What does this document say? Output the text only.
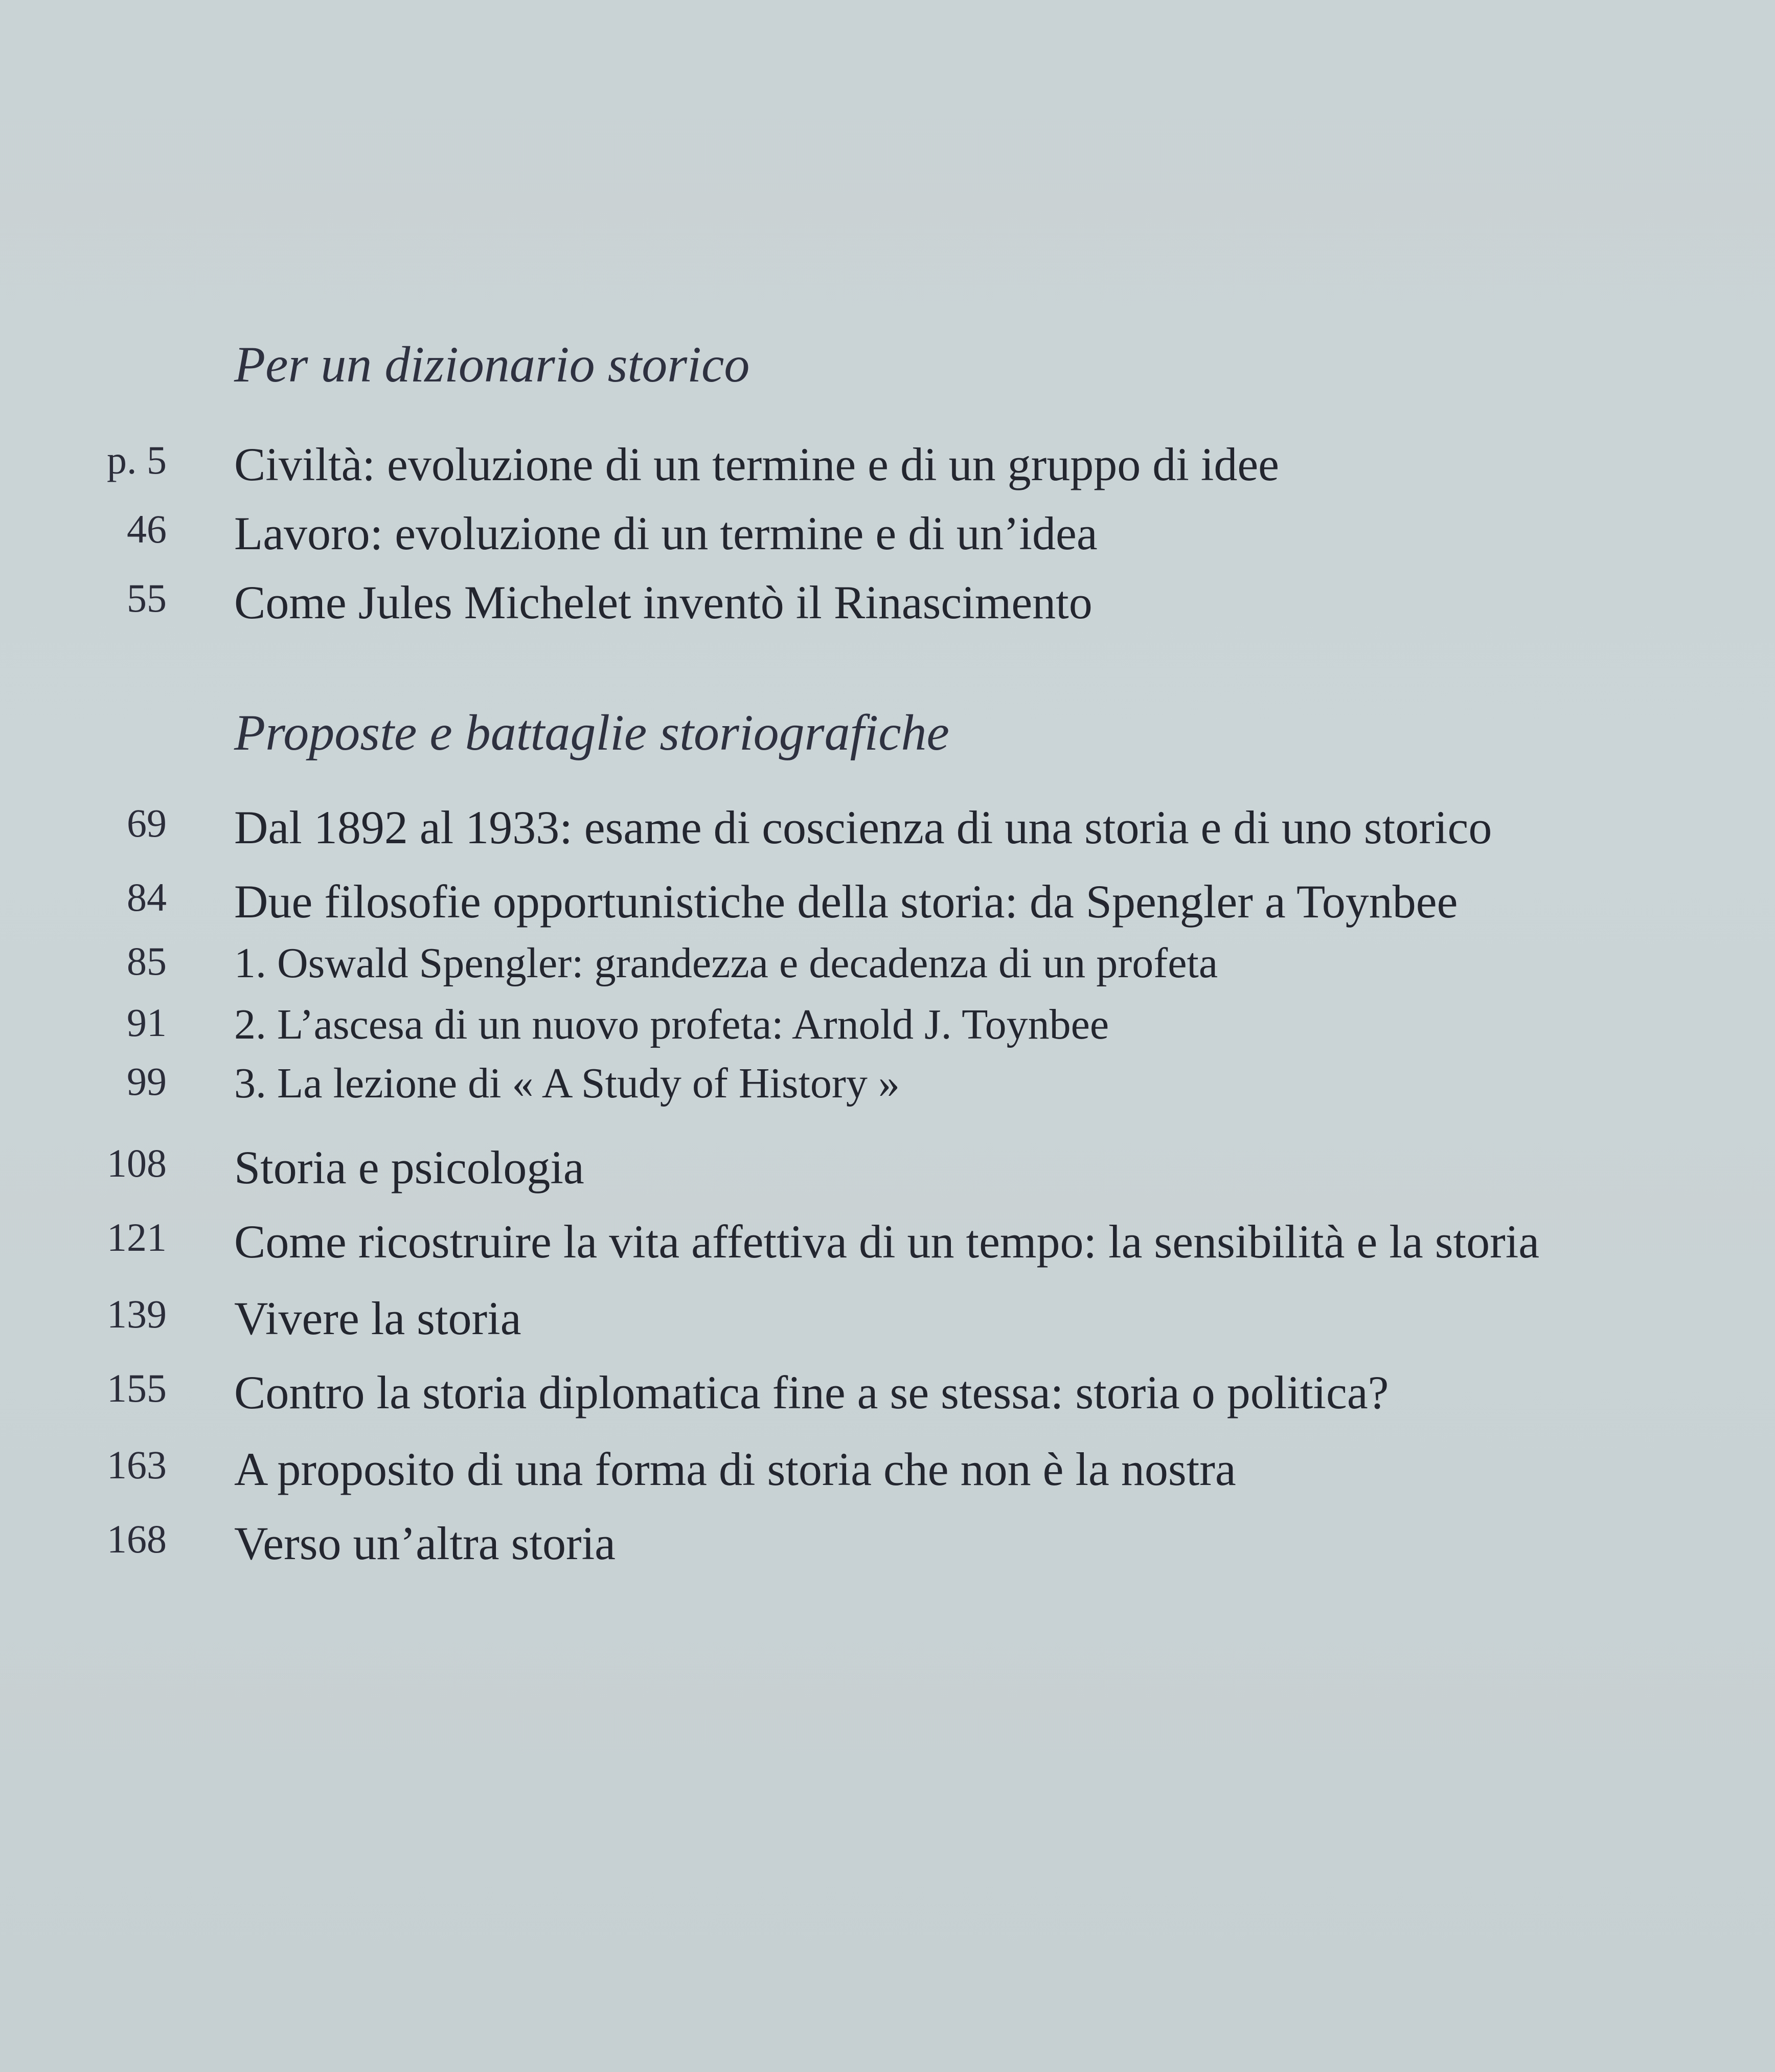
Per un dizionario storico
p. 5 Civiltà: evoluzione di un termine e di un gruppo di idee
46 Lavoro: evoluzione di un termine e di un’idea
55 Come Jules Michelet inventò il Rinascimento
Proposte e battaglie storiografiche
69 Dal 1892 al 1933: esame di coscienza di una storia e di uno storico
84 Due filosofie opportunistiche della storia: da Spengler a Toynbee
85 1. Oswald Spengler: grandezza e decadenza di un profeta
91 2. L’ascesa di un nuovo profeta: Arnold J. Toynbee
99 3. La lezione di « A Study of History »
108 Storia e psicologia
121 Come ricostruire la vita affettiva di un tempo: la sensibilità e la storia
139 Vivere la storia
155 Contro la storia diplomatica fine a se stessa: storia o politica?
163 A proposito di una forma di storia che non è la nostra
168 Verso un’altra storia
